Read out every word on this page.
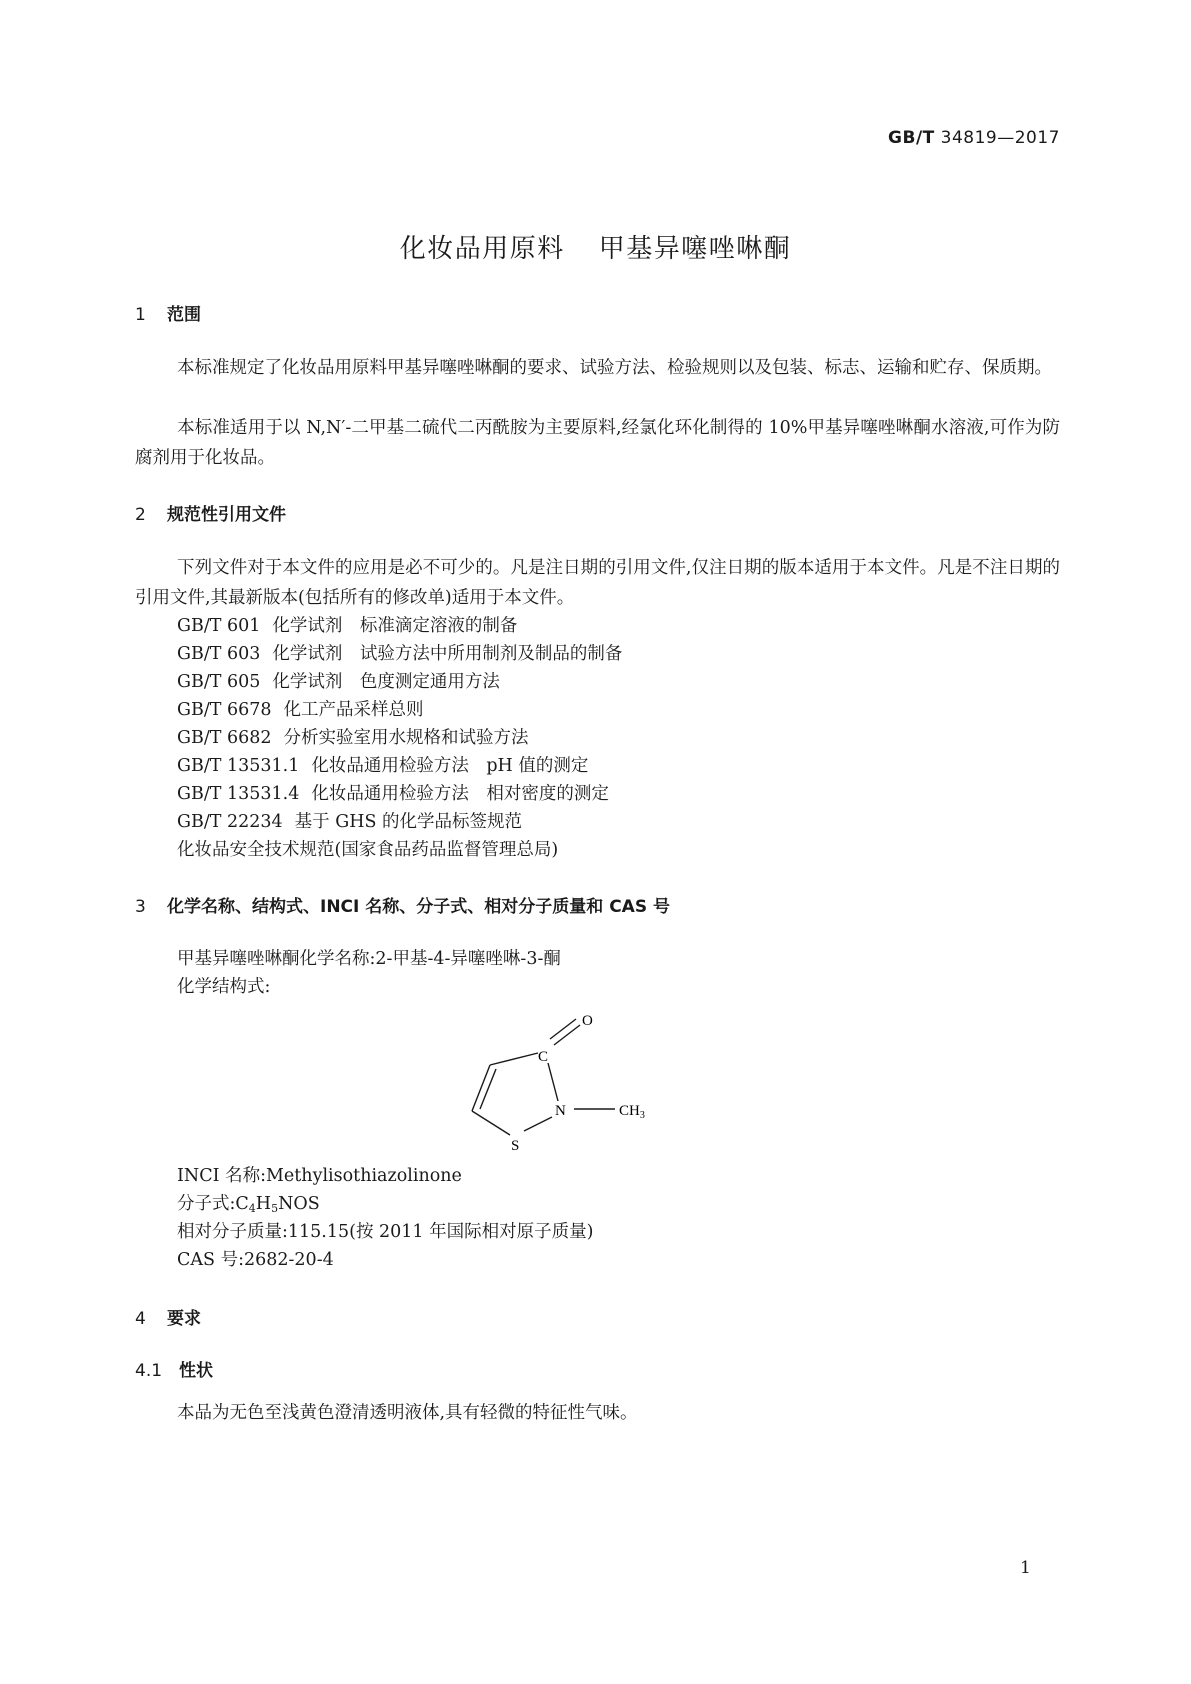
GB/T 34819—2017
化妆品用原料 甲基异噻唑啉酮
1 范围
本标准规定了化妆品用原料甲基异噻唑啉酮的要求、试验方法、检验规则以及包装、标志、运输和贮存、保质期。
本标准适用于以 N,N′-二甲基二硫代二丙酰胺为主要原料,经氯化环化制得的 10%甲基异噻唑啉酮水溶液,可作为防腐剂用于化妆品。
2 规范性引用文件
下列文件对于本文件的应用是必不可少的。凡是注日期的引用文件,仅注日期的版本适用于本文件。凡是不注日期的引用文件,其最新版本(包括所有的修改单)适用于本文件。
GB/T 601 化学试剂　标准滴定溶液的制备
GB/T 603 化学试剂　试验方法中所用制剂及制品的制备
GB/T 605 化学试剂　色度测定通用方法
GB/T 6678 化工产品采样总则
GB/T 6682 分析实验室用水规格和试验方法
GB/T 13531.1 化妆品通用检验方法　pH 值的测定
GB/T 13531.4 化妆品通用检验方法　相对密度的测定
GB/T 22234 基于 GHS 的化学品标签规范
化妆品安全技术规范(国家食品药品监督管理总局)
3 化学名称、结构式、INCI 名称、分子式、相对分子质量和 CAS 号
甲基异噻唑啉酮化学名称:2-甲基-4-异噻唑啉-3-酮
化学结构式:
O
C
N
S
$CH_3$
INCI 名称:Methylisothiazolinone
分子式$:C_4H_5NOS$
相对分子质量:115.15(按 2011 年国际相对原子质量)
CAS 号:2682-20-4
4 要求
4.1 性状
本品为无色至浅黄色澄清透明液体,具有轻微的特征性气味。
1
